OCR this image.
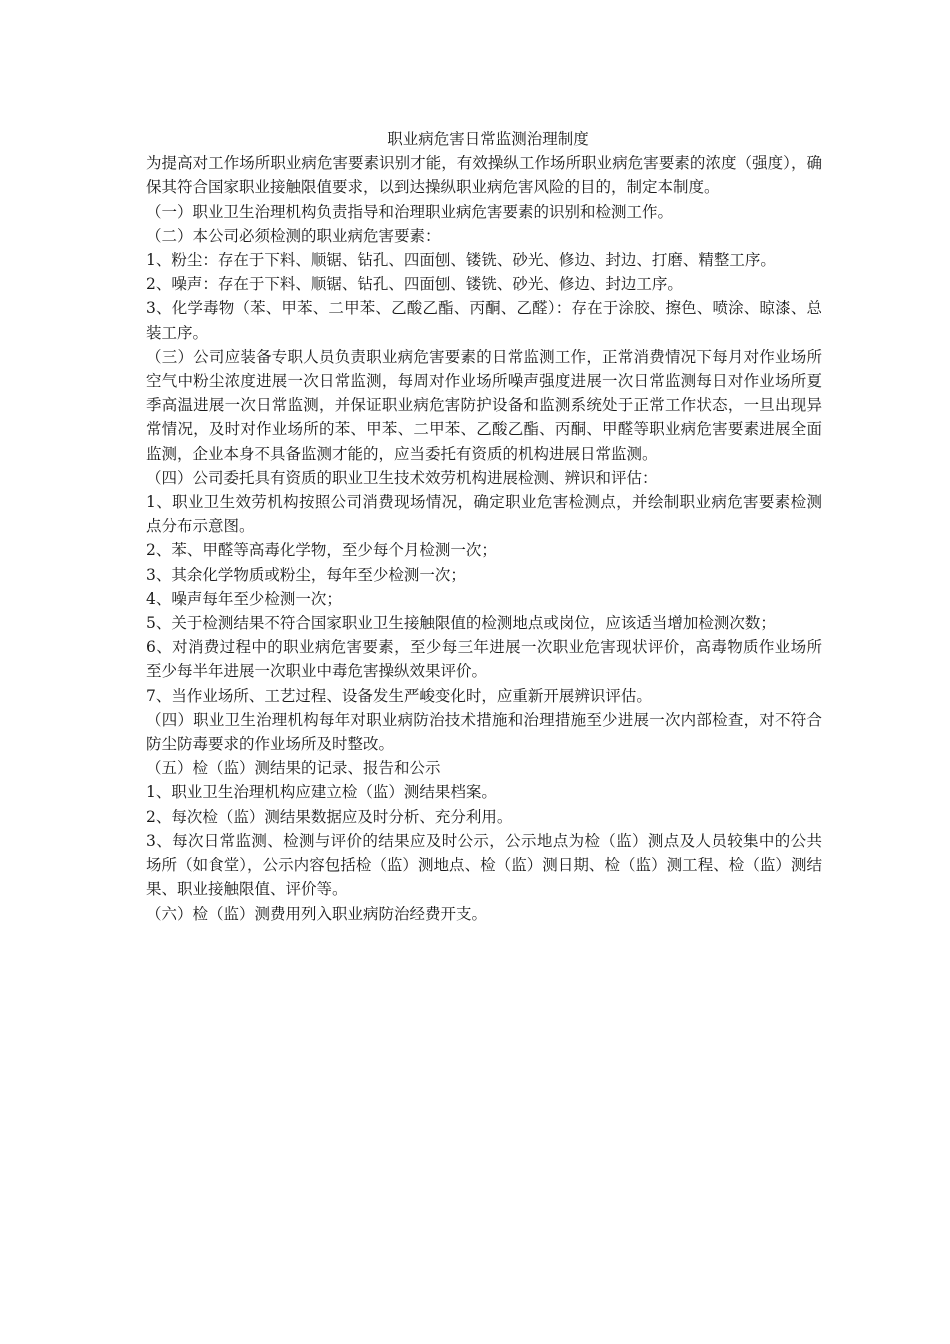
职业病危害日常监测治理制度

为提高对工作场所职业病危害要素识别才能，有效操纵工作场所职业病危害要素的浓度（强度），确保其符合国家职业接触限值要求，以到达操纵职业病危害风险的目的，制定本制度。

（一）职业卫生治理机构负责指导和治理职业病危害要素的识别和检测工作。

（二）本公司必须检测的职业病危害要素：

1、粉尘：存在于下料、顺锯、钻孔、四面刨、镂铣、砂光、修边、封边、打磨、精整工序。

2、噪声：存在于下料、顺锯、钻孔、四面刨、镂铣、砂光、修边、封边工序。

3、化学毒物（苯、甲苯、二甲苯、乙酸乙酯、丙酮、乙醛）：存在于涂胶、擦色、喷涂、晾漆、总装工序。

（三）公司应装备专职人员负责职业病危害要素的日常监测工作，正常消费情况下每月对作业场所空气中粉尘浓度进展一次日常监测，每周对作业场所噪声强度进展一次日常监测每日对作业场所夏季高温进展一次日常监测，并保证职业病危害防护设备和监测系统处于正常工作状态，一旦出现异常情况，及时对作业场所的苯、甲苯、二甲苯、乙酸乙酯、丙酮、甲醛等职业病危害要素进展全面监测，企业本身不具备监测才能的，应当委托有资质的机构进展日常监测。

（四）公司委托具有资质的职业卫生技术效劳机构进展检测、辨识和评估：

1、职业卫生效劳机构按照公司消费现场情况，确定职业危害检测点，并绘制职业病危害要素检测点分布示意图。

2、苯、甲醛等高毒化学物，至少每个月检测一次；

3、其余化学物质或粉尘，每年至少检测一次；

4、噪声每年至少检测一次；

5、关于检测结果不符合国家职业卫生接触限值的检测地点或岗位，应该适当增加检测次数；

6、对消费过程中的职业病危害要素，至少每三年进展一次职业危害现状评价，高毒物质作业场所至少每半年进展一次职业中毒危害操纵效果评价。

7、当作业场所、工艺过程、设备发生严峻变化时，应重新开展辨识评估。

（四）职业卫生治理机构每年对职业病防治技术措施和治理措施至少进展一次内部检查，对不符合防尘防毒要求的作业场所及时整改。

（五）检（监）测结果的记录、报告和公示

1、职业卫生治理机构应建立检（监）测结果档案。

2、每次检（监）测结果数据应及时分析、充分利用。

3、每次日常监测、检测与评价的结果应及时公示，公示地点为检（监）测点及人员较集中的公共场所（如食堂），公示内容包括检（监）测地点、检（监）测日期、检（监）测工程、检（监）测结果、职业接触限值、评价等。

（六）检（监）测费用列入职业病防治经费开支。
